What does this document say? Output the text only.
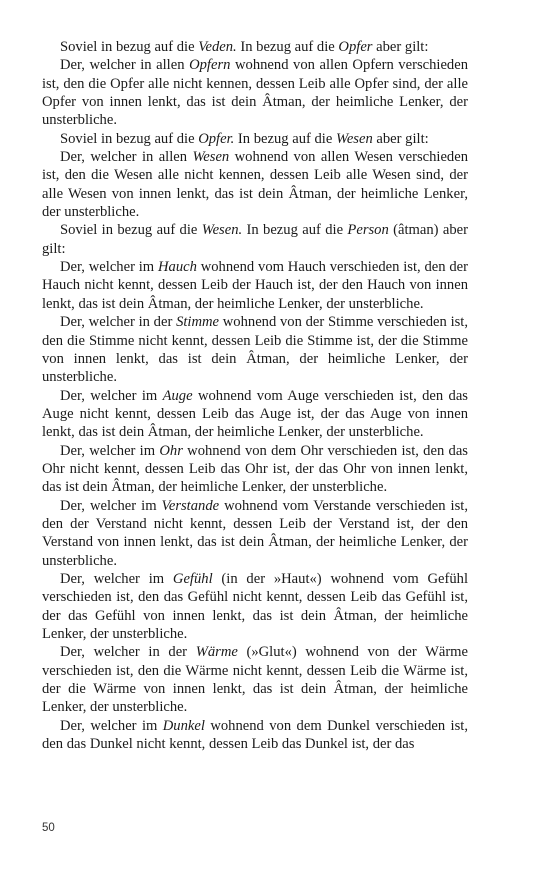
Soviel in bezug auf die Veden. In bezug auf die Opfer aber gilt:

Der, welcher in allen Opfern wohnend von allen Opfern verschieden ist, den die Opfer alle nicht kennen, dessen Leib alle Opfer sind, der alle Opfer von innen lenkt, das ist dein Âtman, der heimliche Lenker, der unsterbliche.

Soviel in bezug auf die Opfer. In bezug auf die Wesen aber gilt:

Der, welcher in allen Wesen wohnend von allen Wesen verschieden ist, den die Wesen alle nicht kennen, dessen Leib alle Wesen sind, der alle Wesen von innen lenkt, das ist dein Âtman, der heimliche Lenker, der unsterbliche.

Soviel in bezug auf die Wesen. In bezug auf die Person (âtman) aber gilt:

Der, welcher im Hauch wohnend vom Hauch verschieden ist, den der Hauch nicht kennt, dessen Leib der Hauch ist, der den Hauch von innen lenkt, das ist dein Âtman, der heimliche Lenker, der unsterbliche.

Der, welcher in der Stimme wohnend von der Stimme verschieden ist, den die Stimme nicht kennt, dessen Leib die Stimme ist, der die Stimme von innen lenkt, das ist dein Âtman, der heimliche Lenker, der unsterbliche.

Der, welcher im Auge wohnend vom Auge verschieden ist, den das Auge nicht kennt, dessen Leib das Auge ist, der das Auge von innen lenkt, das ist dein Âtman, der heimliche Lenker, der unsterbliche.

Der, welcher im Ohr wohnend von dem Ohr verschieden ist, den das Ohr nicht kennt, dessen Leib das Ohr ist, der das Ohr von innen lenkt, das ist dein Âtman, der heimliche Lenker, der unsterbliche.

Der, welcher im Verstande wohnend vom Verstande verschieden ist, den der Verstand nicht kennt, dessen Leib der Verstand ist, der den Verstand von innen lenkt, das ist dein Âtman, der heimliche Lenker, der unsterbliche.

Der, welcher im Gefühl (in der »Haut«) wohnend vom Gefühl verschieden ist, den das Gefühl nicht kennt, dessen Leib das Gefühl ist, der das Gefühl von innen lenkt, das ist dein Âtman, der heimliche Lenker, der unsterbliche.

Der, welcher in der Wärme (»Glut«) wohnend von der Wärme verschieden ist, den die Wärme nicht kennt, dessen Leib die Wärme ist, der die Wärme von innen lenkt, das ist dein Âtman, der heimliche Lenker, der unsterbliche.

Der, welcher im Dunkel wohnend von dem Dunkel verschieden ist, den das Dunkel nicht kennt, dessen Leib das Dunkel ist, der das

50
